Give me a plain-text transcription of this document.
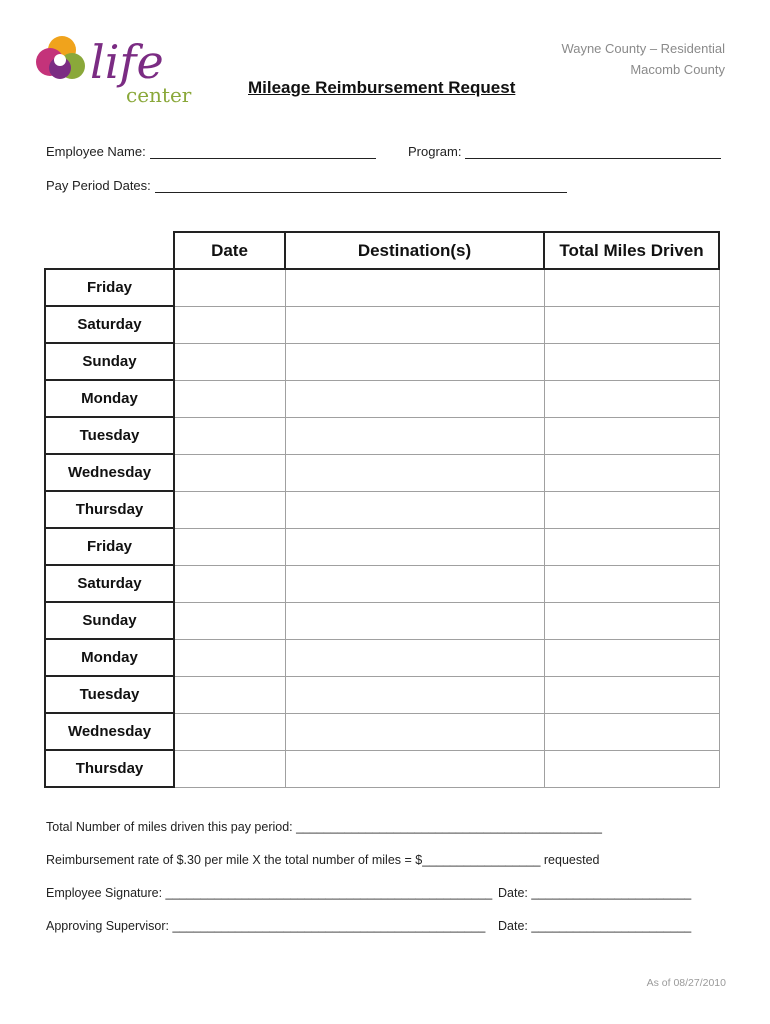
life
center
Wayne County – Residential
Macomb County
Mileage Reimbursement Request
Employee Name:	Program:
Pay Period Dates:
	Date	Destination(s)	Total Miles Driven
Friday			
Saturday			
Sunday			
Monday			
Tuesday			
Wednesday			
Thursday			
Friday			
Saturday			
Sunday			
Monday			
Tuesday			
Wednesday			
Thursday			
Total Number of miles driven this pay period: ____________________________________________
Reimbursement rate of $.30 per mile X the total number of miles = $_________________ requested
Employee Signature: _______________________________________________ Date: _______________________
Approving Supervisor: _____________________________________________ Date: _______________________
As of 08/27/2010
